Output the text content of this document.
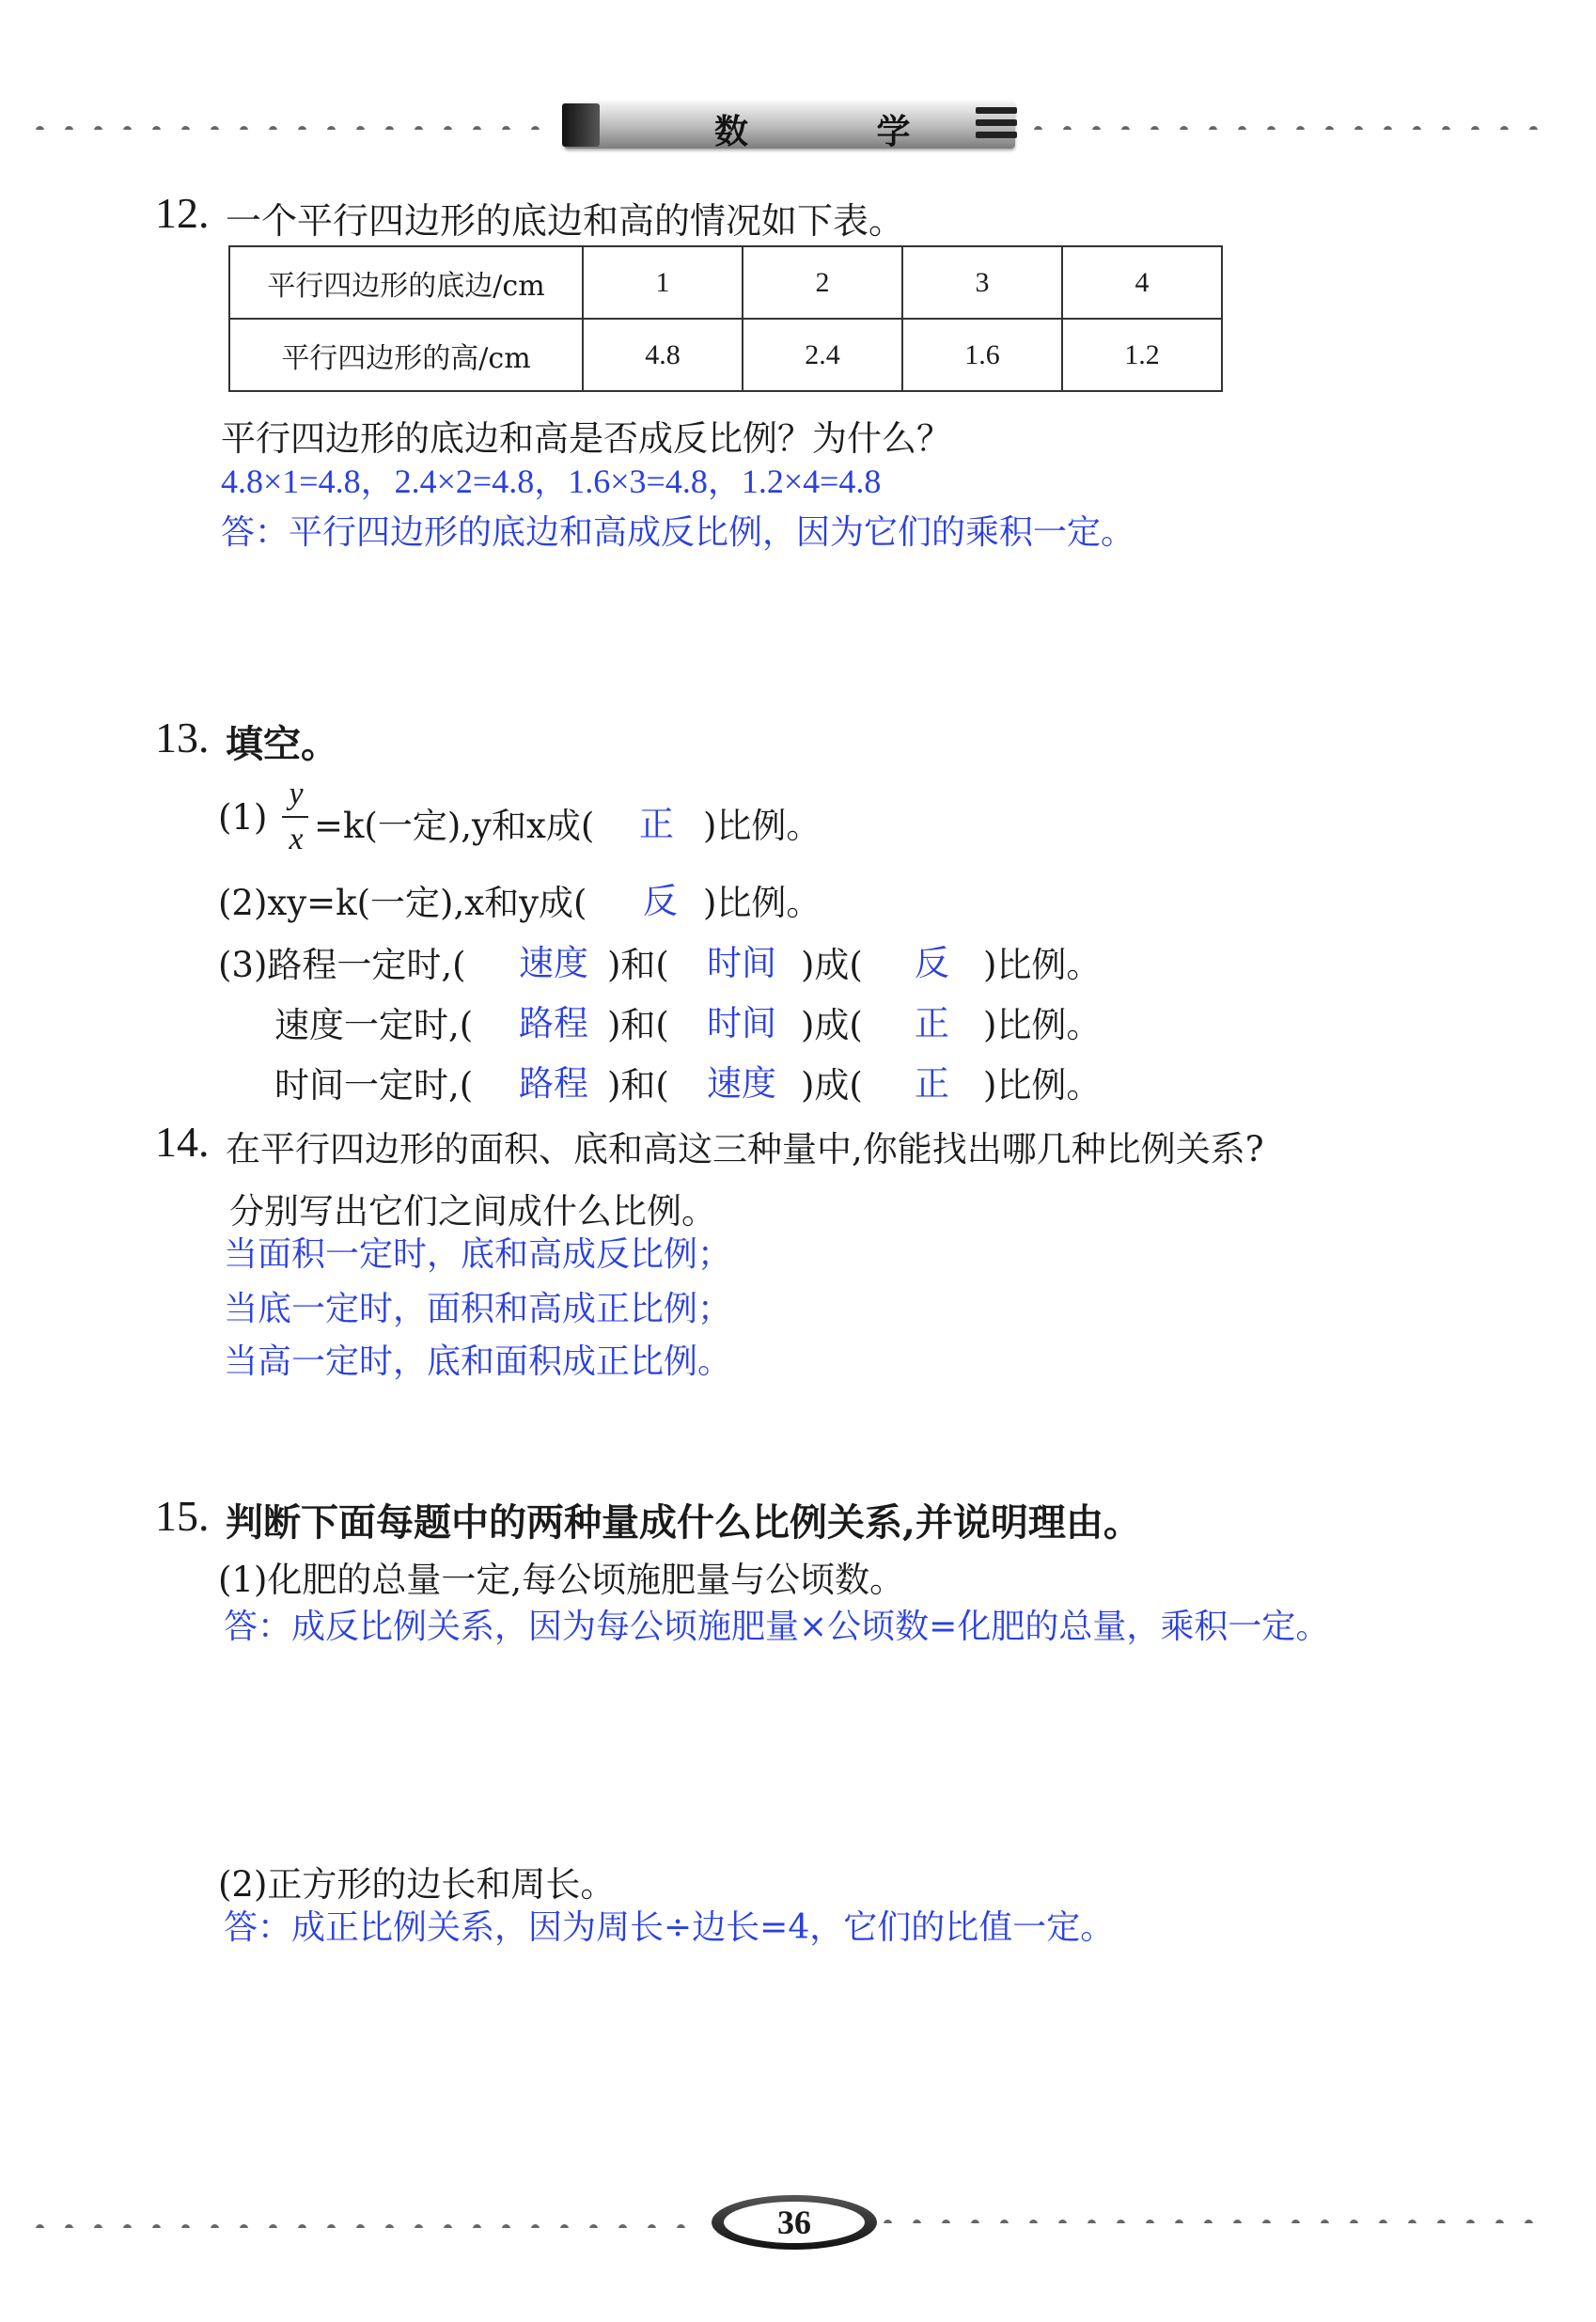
数 学
12. 一个平行四边形的底边和高的情况如下表。
平行四边形的底边/cm	1	2	3	4
平行四边形的高/cm	4.8	2.4	1.6	1.2
平行四边形的底边和高是否成反比例？为什么？
4.8×1=4.8，2.4×2=4.8，1.6×3=4.8，1.2×4=4.8
答：平行四边形的底边和高成反比例，因为它们的乘积一定。
13. 填空。
(1)
y
x =k(一定),y和x成( 正 )比例。
(2)xy=k(一定),x和y成( 反 )比例。
(3)路程一定时,( 速度 )和( 时间 )成( 反 )比例。
速度一定时,( 路程 )和( 时间 )成( 正 )比例。
时间一定时,( 路程 )和( 速度 )成( 正 )比例。
14. 在平行四边形的面积、底和高这三种量中,你能找出哪几种比例关系?
分别写出它们之间成什么比例。
当面积一定时，底和高成反比例；
当底一定时，面积和高成正比例；
当高一定时，底和面积成正比例。
15. 判断下面每题中的两种量成什么比例关系,并说明理由。
(1)化肥的总量一定,每公顷施肥量与公顷数。
答：成反比例关系，因为每公顷施肥量×公顷数=化肥的总量，乘积一定。
(2)正方形的边长和周长。
答：成正比例关系，因为周长÷边长=4，它们的比值一定。
36
